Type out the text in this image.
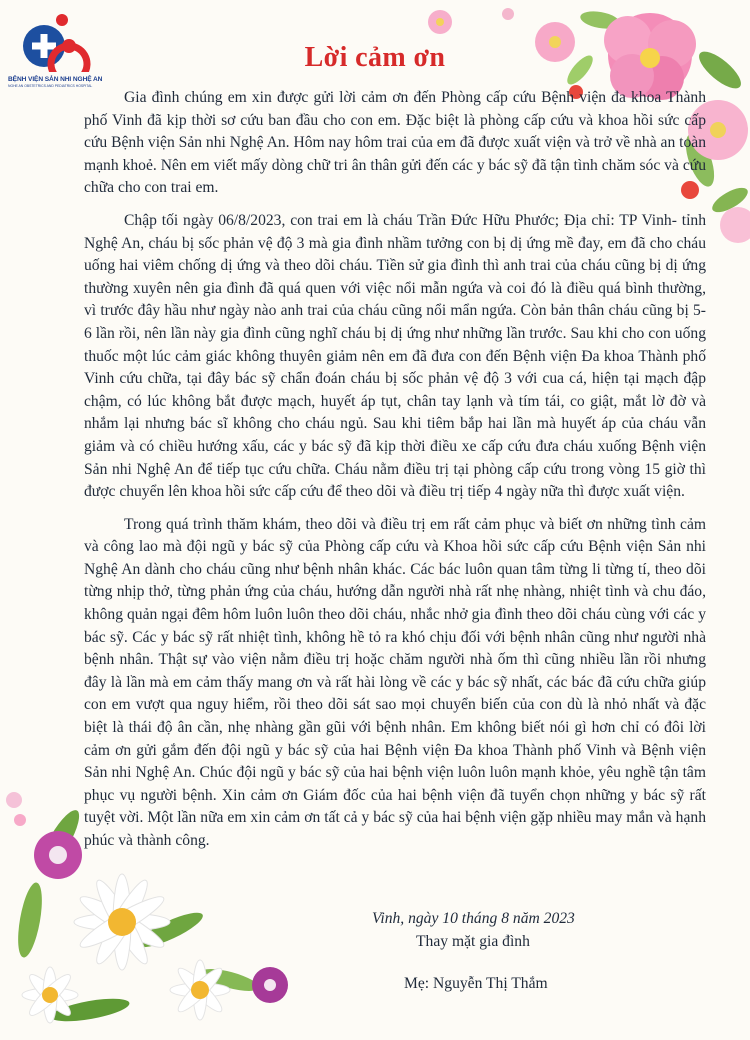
BỆNH VIỆN SẢN NHI NGHỆ AN
NGHE AN OBSTETRICS AND PEDIATRICS HOSPITAL
Lời cảm ơn

Gia đình chúng em xin được gửi lời cảm ơn đến Phòng cấp cứu Bệnh viện đa khoa Thành phố Vinh đã kịp thời sơ cứu ban đầu cho con em. Đặc biệt là phòng cấp cứu và khoa hồi sức cấp cứu Bệnh viện Sản nhi Nghệ An. Hôm nay hôm trai của em đã được xuất viện và trở về nhà an toàn mạnh khoẻ. Nên em viết mấy dòng chữ tri ân thân gửi đến các y bác sỹ đã tận tình chăm sóc và cứu chữa cho con trai em.

Chập tối ngày 06/8/2023, con trai em là cháu Trần Đức Hữu Phước; Địa chỉ: TP Vinh- tỉnh Nghệ An, cháu bị sốc phản vệ độ 3 mà gia đình nhầm tưởng con bị dị ứng mề đay, em đã cho cháu uống hai viêm chống dị ứng và theo dõi cháu. Tiền sử gia đình thì anh trai của cháu cũng bị dị ứng thường xuyên nên gia đình đã quá quen với việc nổi mẫn ngứa và coi đó là điều quá bình thường, vì trước đây hầu như ngày nào anh trai của cháu cũng nổi mẩn ngứa. Còn bản thân cháu cũng bị 5-6 lần rồi, nên lần này gia đình cũng nghĩ cháu bị dị ứng như những lần trước. Sau khi cho con uống thuốc một lúc cảm giác không thuyên giảm nên em đã đưa con đến Bệnh viện Đa khoa Thành phố Vinh cứu chữa, tại đây bác sỹ chẩn đoán cháu bị sốc phản vệ độ 3 với cua cá, hiện tại mạch đập chậm, có lúc không bắt được mạch, huyết áp tụt, chân tay lạnh và tím tái, co giật, mắt lờ đờ và nhắm lại nhưng bác sĩ không cho cháu ngủ. Sau khi tiêm bắp hai lần mà huyết áp của cháu vẫn giảm và có chiều hướng xấu, các y bác sỹ đã kịp thời điều xe cấp cứu đưa cháu xuống Bệnh viện Sản nhi Nghệ An để tiếp tục cứu chữa. Cháu nằm điều trị tại phòng cấp cứu trong vòng 15 giờ thì được chuyển lên khoa hồi sức cấp cứu để theo dõi và điều trị tiếp 4 ngày nữa thì được xuất viện.

Trong quá trình thăm khám, theo dõi và điều trị em rất cảm phục và biết ơn những tình cảm và công lao mà đội ngũ y bác sỹ của Phòng cấp cứu và Khoa hồi sức cấp cứu Bệnh viện Sản nhi Nghệ An dành cho cháu cũng như bệnh nhân khác. Các bác luôn quan tâm từng li từng tí, theo dõi từng nhịp thở, từng phản ứng của cháu, hướng dẫn người nhà rất nhẹ nhàng, nhiệt tình và chu đáo, không quản ngại đêm hôm luôn luôn theo dõi cháu, nhắc nhở gia đình theo dõi cháu cùng với các y bác sỹ. Các y bác sỹ rất nhiệt tình, không hề tỏ ra khó chịu đối với bệnh nhân cũng như người nhà bệnh nhân. Thật sự vào viện nằm điều trị hoặc chăm người nhà ốm thì cũng nhiều lần rồi nhưng đây là lần mà em cảm thấy mang ơn và rất hài lòng về các y bác sỹ nhất, các bác đã cứu chữa giúp con em vượt qua nguy hiểm, rồi theo dõi sát sao mọi chuyển biến của con dù là nhỏ nhất và đặc biệt là thái độ ân cần, nhẹ nhàng gần gũi với bệnh nhân. Em không biết nói gì hơn chỉ có đôi lời cảm ơn gửi gắm đến đội ngũ y bác sỹ của hai Bệnh viện Đa khoa Thành phố Vinh và Bệnh viện Sản nhi Nghệ An. Chúc đội ngũ y bác sỹ của hai bệnh viện luôn luôn mạnh khỏe, yêu nghề tận tâm phục vụ người bệnh. Xin cảm ơn Giám đốc của hai bệnh viện đã tuyển chọn những y bác sỹ rất tuyệt vời. Một lần nữa em xin cảm ơn tất cả y bác sỹ của hai bệnh viện gặp nhiều may mắn và hạnh phúc và thành công.

Vinh, ngày 10 tháng 8 năm 2023
Thay mặt gia đình
Mẹ: Nguyễn Thị Thắm
